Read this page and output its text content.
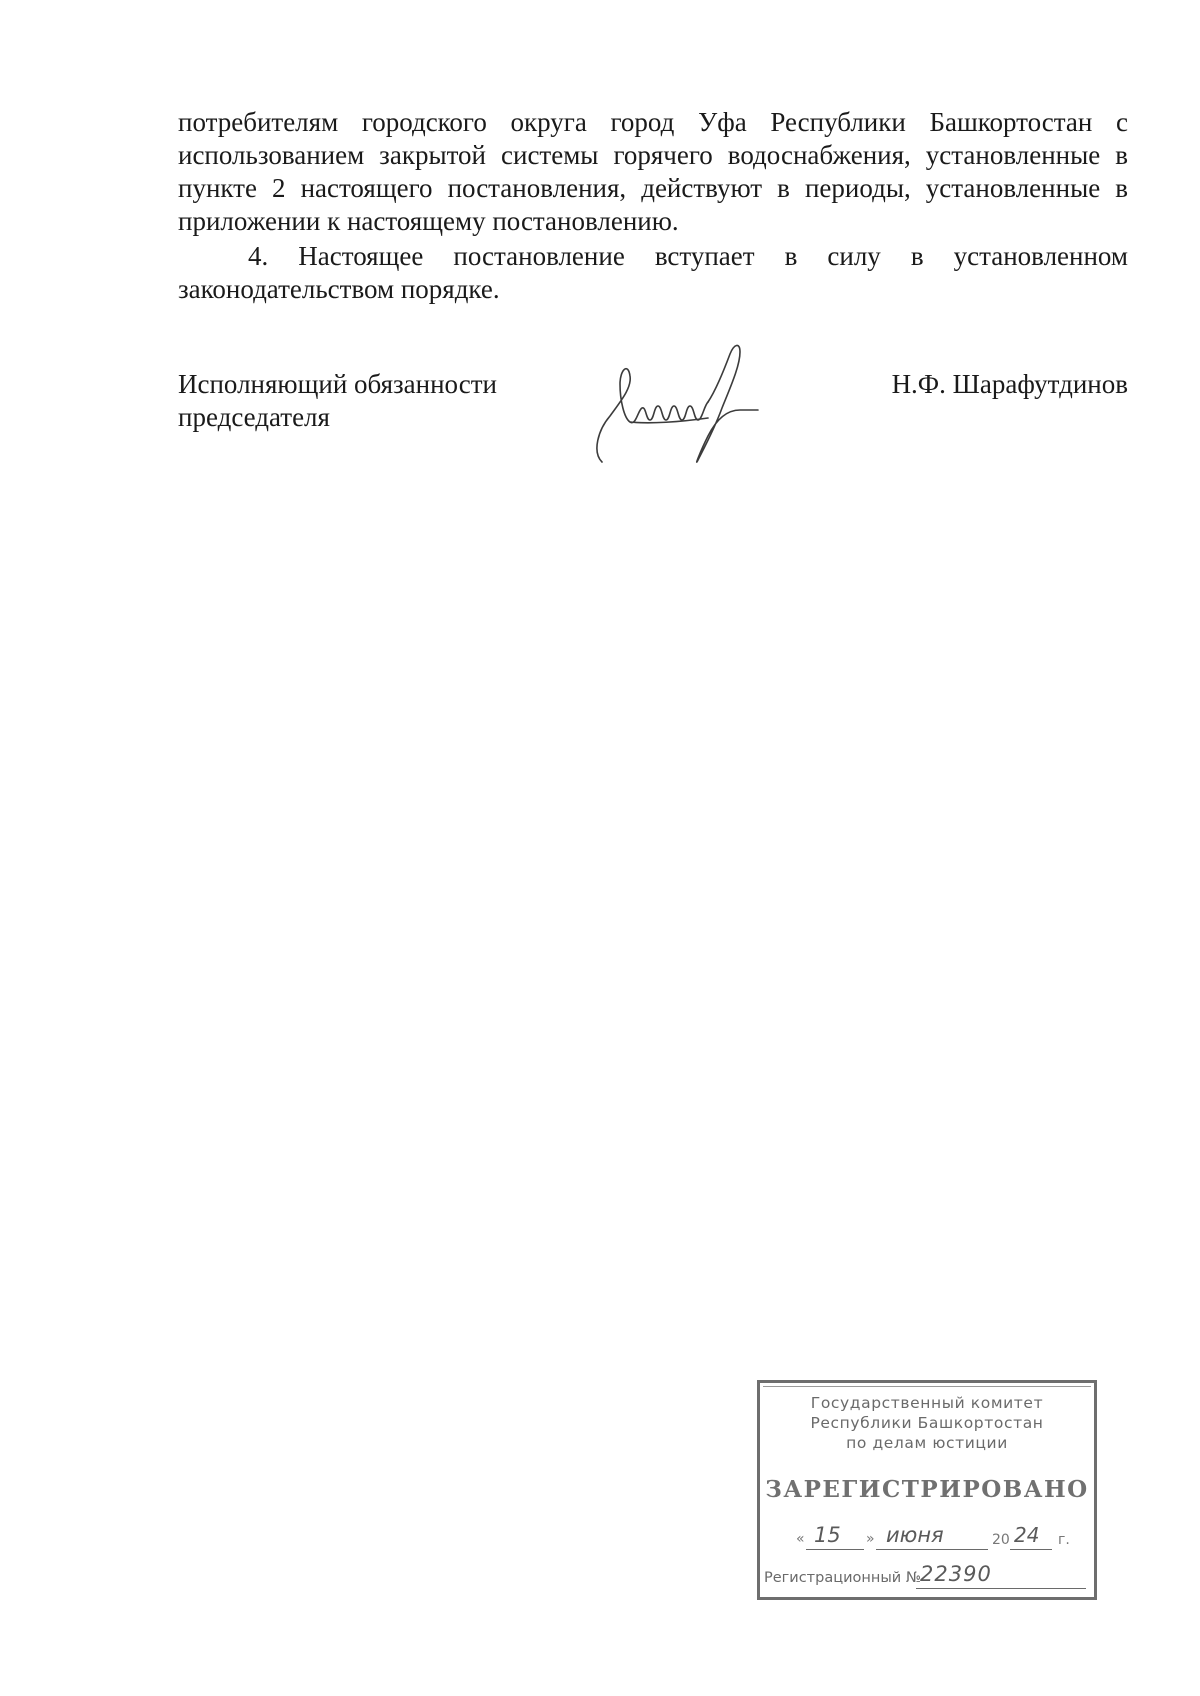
потребителям городского округа город Уфа Республики Башкортостан с использованием закрытой системы горячего водоснабжения, установленные в пункте 2 настоящего постановления, действуют в периоды, установленные в приложении к настоящему постановлению.

4. Настоящее постановление вступает в силу в установленном законодательством порядке.

Исполняющий обязанности
председателя
Н.Ф. Шарафутдинов
Государственный комитет
Республики Башкортостан
по делам юстиции
ЗАРЕГИСТРИРОВАНО
« 15 » июня	20 24 г.
Регистрационный № 22390
